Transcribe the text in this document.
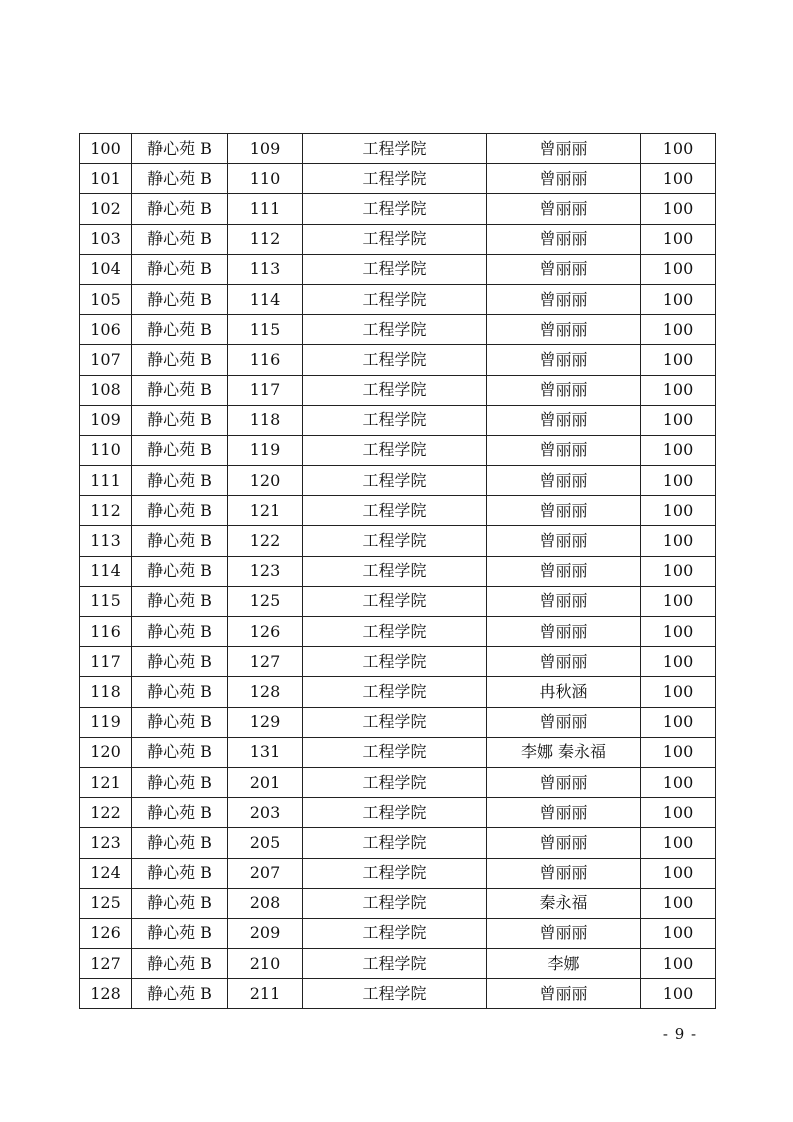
100	静心苑 B	109	工程学院	曾丽丽	100
101	静心苑 B	110	工程学院	曾丽丽	100
102	静心苑 B	111	工程学院	曾丽丽	100
103	静心苑 B	112	工程学院	曾丽丽	100
104	静心苑 B	113	工程学院	曾丽丽	100
105	静心苑 B	114	工程学院	曾丽丽	100
106	静心苑 B	115	工程学院	曾丽丽	100
107	静心苑 B	116	工程学院	曾丽丽	100
108	静心苑 B	117	工程学院	曾丽丽	100
109	静心苑 B	118	工程学院	曾丽丽	100
110	静心苑 B	119	工程学院	曾丽丽	100
111	静心苑 B	120	工程学院	曾丽丽	100
112	静心苑 B	121	工程学院	曾丽丽	100
113	静心苑 B	122	工程学院	曾丽丽	100
114	静心苑 B	123	工程学院	曾丽丽	100
115	静心苑 B	125	工程学院	曾丽丽	100
116	静心苑 B	126	工程学院	曾丽丽	100
117	静心苑 B	127	工程学院	曾丽丽	100
118	静心苑 B	128	工程学院	冉秋涵	100
119	静心苑 B	129	工程学院	曾丽丽	100
120	静心苑 B	131	工程学院	李娜 秦永福	100
121	静心苑 B	201	工程学院	曾丽丽	100
122	静心苑 B	203	工程学院	曾丽丽	100
123	静心苑 B	205	工程学院	曾丽丽	100
124	静心苑 B	207	工程学院	曾丽丽	100
125	静心苑 B	208	工程学院	秦永福	100
126	静心苑 B	209	工程学院	曾丽丽	100
127	静心苑 B	210	工程学院	李娜	100
128	静心苑 B	211	工程学院	曾丽丽	100
- 9 -
